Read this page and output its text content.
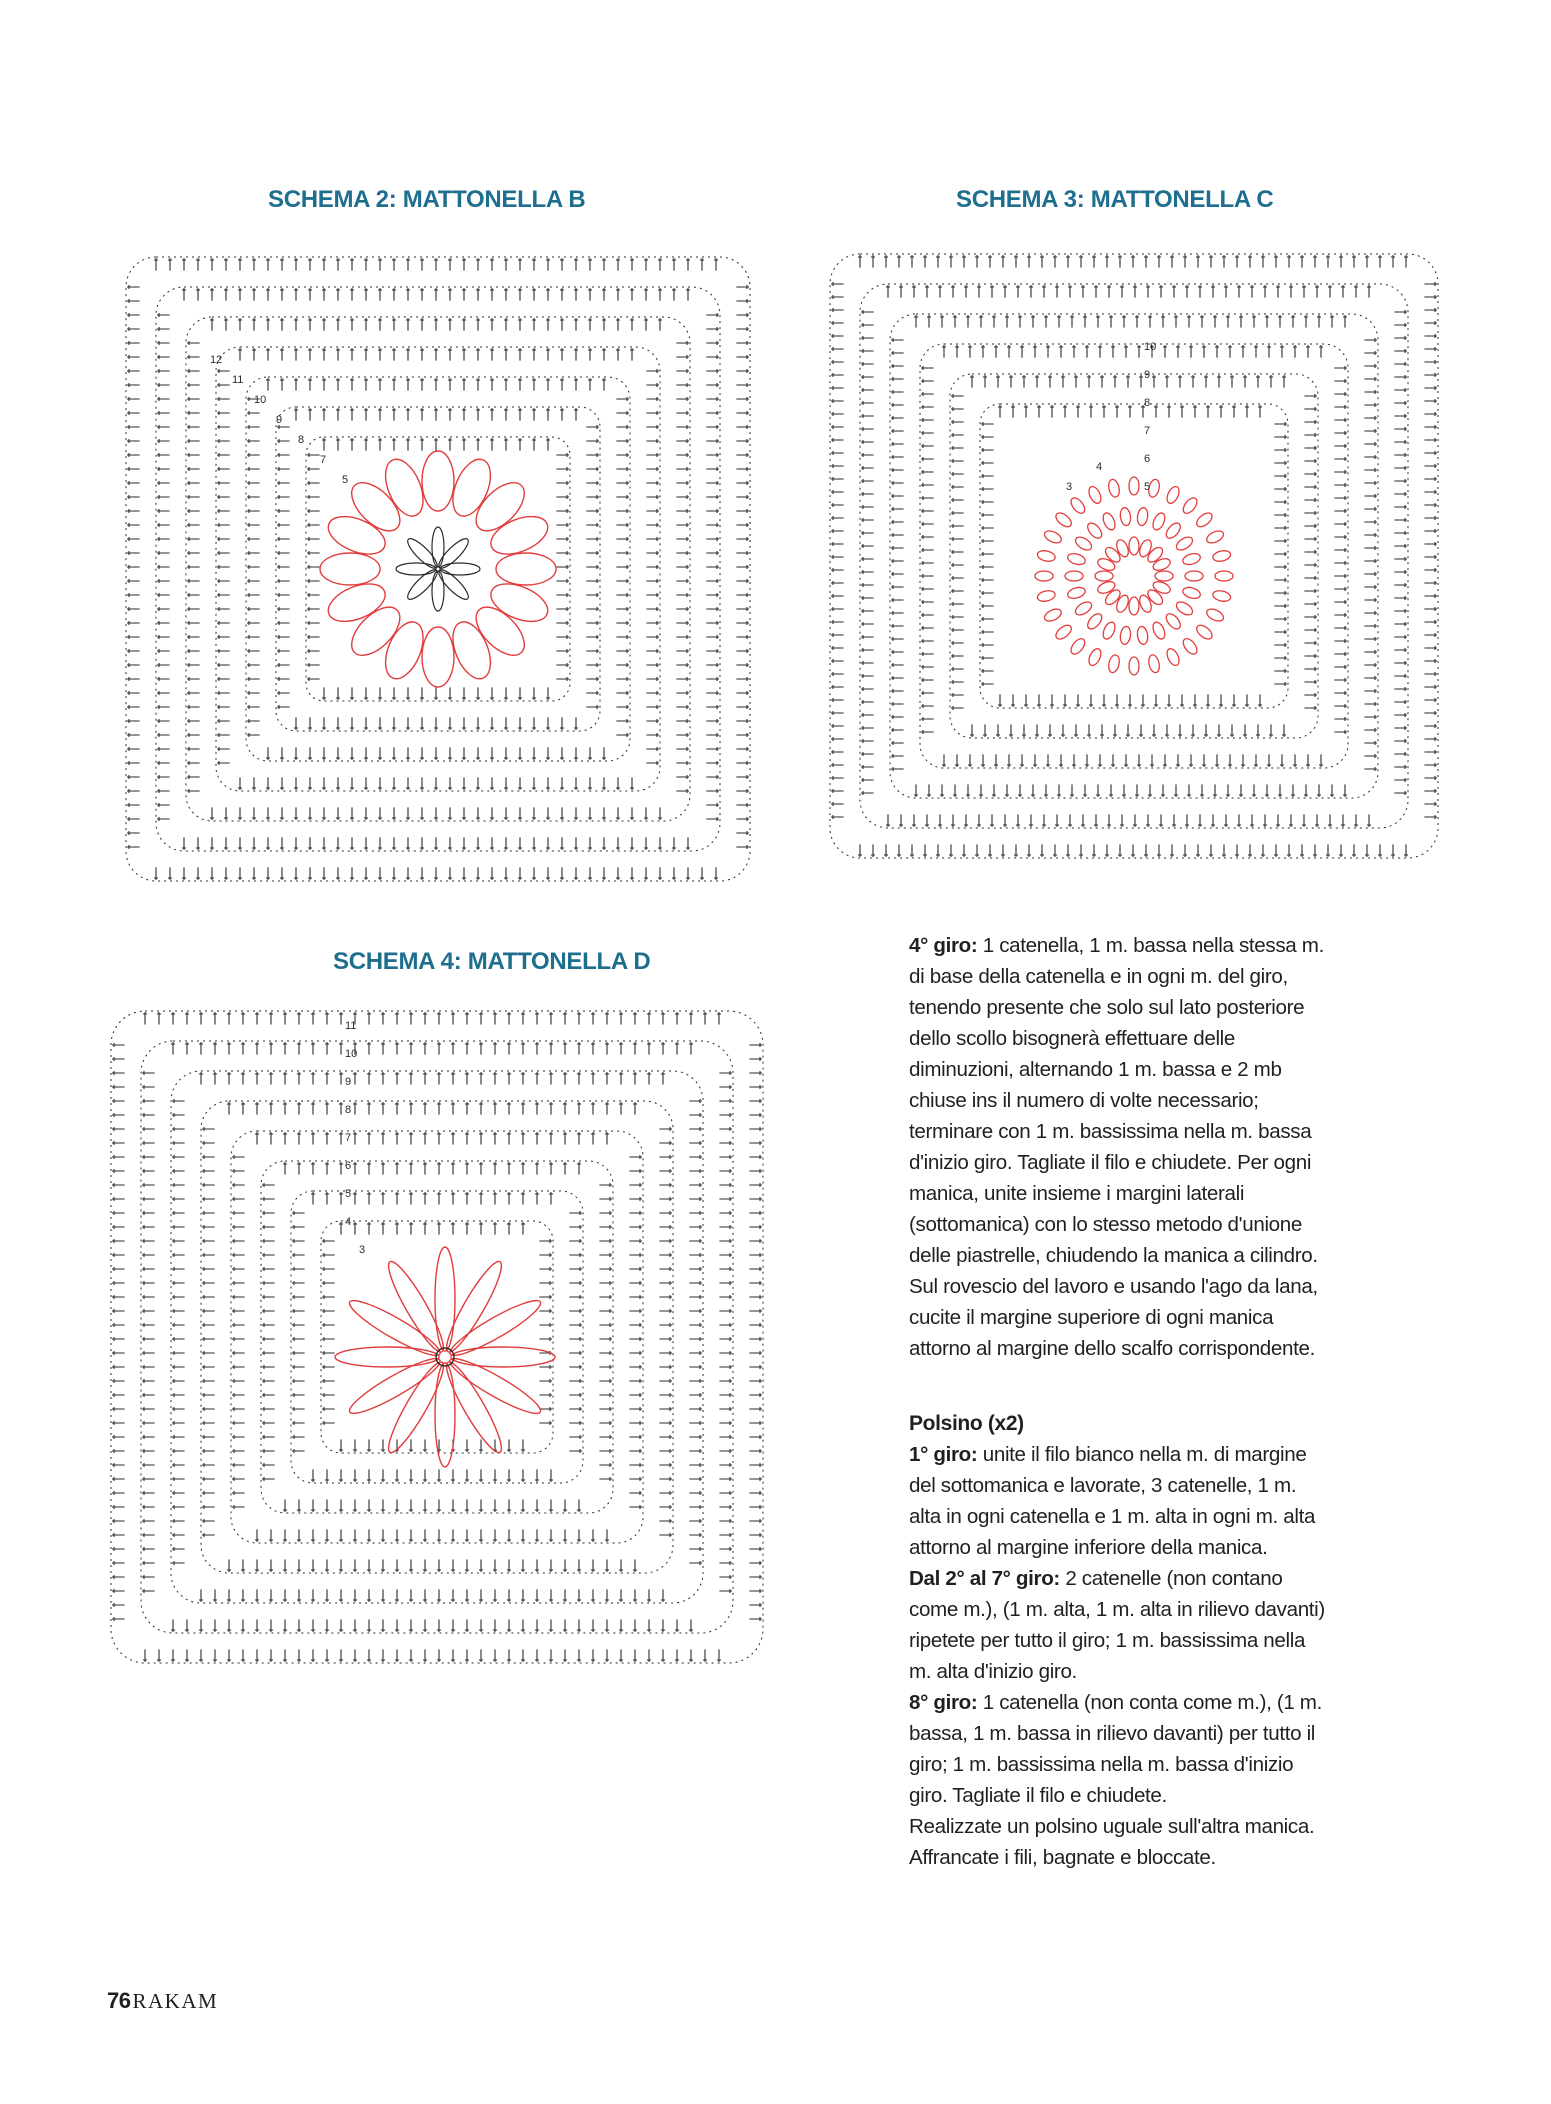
SCHEMA 2: MATTONELLA B
5
7
8
9
10
11
12
SCHEMA 3: MATTONELLA C
3
4
5
6
7
8
9
10
SCHEMA 4: MATTONELLA D
3
4
5
6
7
8
9
10
11

4° giro: 1 catenella, 1 m. bassa nella stessa m. di base della catenella e in ogni m. del giro, tenendo presente che solo sul lato posteriore dello scollo bisognerà effettuare delle diminuzioni, alternando 1 m. bassa e 2 mb chiuse ins il numero di volte necessario; terminare con 1 m. bassissima nella m. bassa d'inizio giro. Tagliate il filo e chiudete. Per ogni manica, unite insieme i margini laterali (sottomanica) con lo stesso metodo d'unione delle piastrelle, chiudendo la manica a cilindro. Sul rovescio del lavoro e usando l'ago da lana, cucite il margine superiore di ogni manica attorno al margine dello scalfo corrispondente.

Polsino (x2)

1° giro: unite il filo bianco nella m. di margine del sottomanica e lavorate, 3 catenelle, 1 m. alta in ogni catenella e 1 m. alta in ogni m. alta attorno al margine inferiore della manica.

Dal 2° al 7° giro: 2 catenelle (non contano come m.), (1 m. alta, 1 m. alta in rilievo davanti) ripetete per tutto il giro; 1 m. bassissima nella m. alta d'inizio giro.

8° giro: 1 catenella (non conta come m.), (1 m. bassa, 1 m. bassa in rilievo davanti) per tutto il giro; 1 m. bassissima nella m. bassa d'inizio giro. Tagliate il filo e chiudete.

Realizzate un polsino uguale sull'altra manica.

Affrancate i fili, bagnate e bloccate.

76RAKAM
